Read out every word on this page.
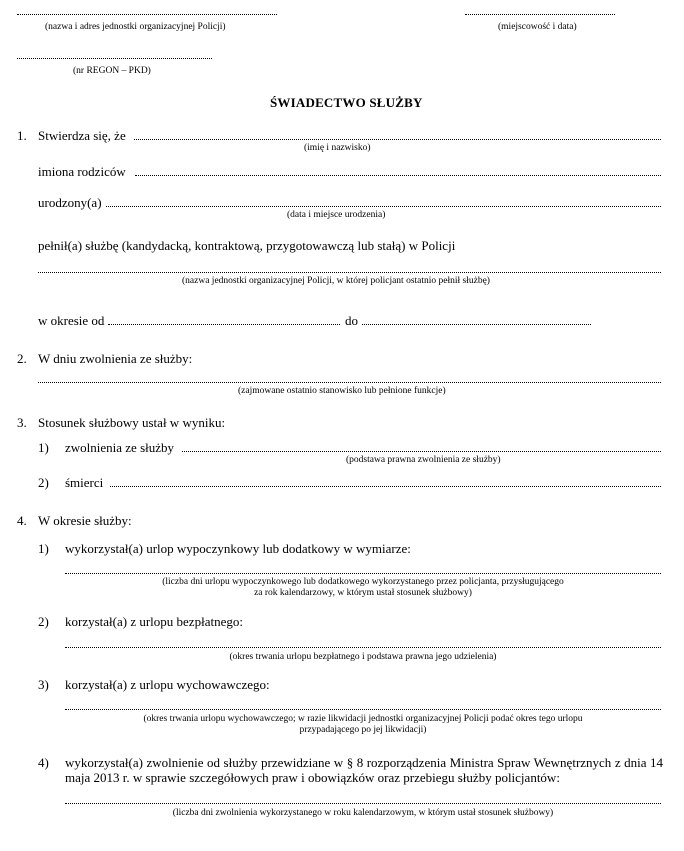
(nazwa i adres jednostki organizacyjnej Policji)	(miejscowość i data)
(nr REGON – PKD)
ŚWIADECTWO SŁUŻBY
1. Stwierdza się, że
(imię i nazwisko)
imiona rodziców
urodzony(a)
(data i miejsce urodzenia)
pełnił(a) służbę (kandydacką, kontraktową, przygotowawczą lub stałą) w Policji
(nazwa jednostki organizacyjnej Policji, w której policjant ostatnio pełnił służbę)
w okresie od	do
2. W dniu zwolnienia ze służby:
(zajmowane ostatnio stanowisko lub pełnione funkcje)
3. Stosunek służbowy ustał w wyniku:
1) zwolnienia ze służby
(podstawa prawna zwolnienia ze służby)
2) śmierci
4. W okresie służby:
1) wykorzystał(a) urlop wypoczynkowy lub dodatkowy w wymiarze:
(liczba dni urlopu wypoczynkowego lub dodatkowego wykorzystanego przez policjanta, przysługującego
za rok kalendarzowy, w którym ustał stosunek służbowy)
2) korzystał(a) z urlopu bezpłatnego:
(okres trwania urlopu bezpłatnego i podstawa prawna jego udzielenia)
3) korzystał(a) z urlopu wychowawczego:
(okres trwania urlopu wychowawczego; w razie likwidacji jednostki organizacyjnej Policji podać okres tego urlopu
przypadającego po jej likwidacji)
4) wykorzystał(a) zwolnienie od służby przewidziane w § 8 rozporządzenia Ministra Spraw Wewnętrznych z dnia 14 maja 2013 r. w sprawie szczegółowych praw i obowiązków oraz przebiegu służby policjantów:
(liczba dni zwolnienia wykorzystanego w roku kalendarzowym, w którym ustał stosunek służbowy)
